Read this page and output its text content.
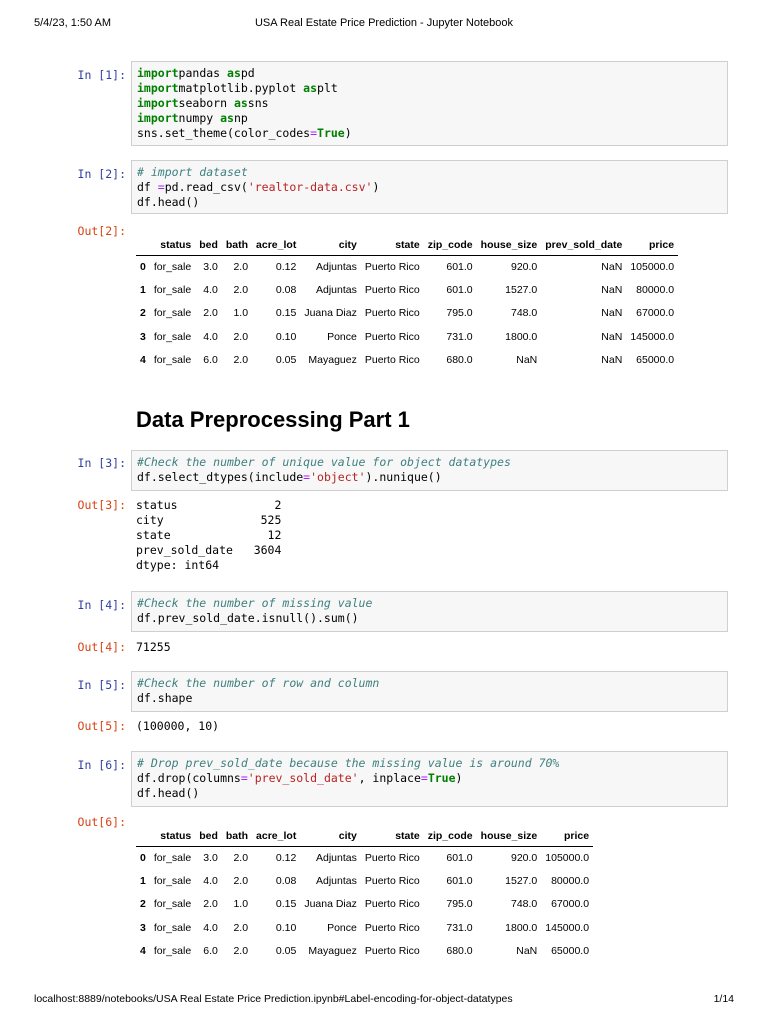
5/4/23, 1:50 AM	USA Real Estate Price Prediction - Jupyter Notebook
In [1]: importpandas aspd
importmatplotlib.pyplot asplt
importseaborn assns
importnumpy asnp
sns.set_theme(color_codes=True)
In [2]: # import dataset
df =pd.read_csv('realtor-data.csv')
df.head()
Out[2]:
	status	bed	bath	acre_lot	city	state	zip_code	house_size	prev_sold_date	price
0	for_sale	3.0	2.0	0.12	Adjuntas	Puerto Rico	601.0	920.0	NaN	105000.0
1	for_sale	4.0	2.0	0.08	Adjuntas	Puerto Rico	601.0	1527.0	NaN	80000.0
2	for_sale	2.0	1.0	0.15	Juana Diaz	Puerto Rico	795.0	748.0	NaN	67000.0
3	for_sale	4.0	2.0	0.10	Ponce	Puerto Rico	731.0	1800.0	NaN	145000.0
4	for_sale	6.0	2.0	0.05	Mayaguez	Puerto Rico	680.0	NaN	NaN	65000.0
Data Preprocessing Part 1
In [3]: #Check the number of unique value for object datatypes
df.select_dtypes(include='object').nunique()
Out[3]: status              2
city              525
state              12
prev_sold_date   3604
dtype: int64
In [4]: #Check the number of missing value
df.prev_sold_date.isnull().sum()
Out[4]: 71255
In [5]: #Check the number of row and column
df.shape
Out[5]: (100000, 10)
In [6]: # Drop prev_sold_date because the missing value is around 70%
df.drop(columns='prev_sold_date', inplace=True)
df.head()
Out[6]:
	status	bed	bath	acre_lot	city	state	zip_code	house_size	price
0	for_sale	3.0	2.0	0.12	Adjuntas	Puerto Rico	601.0	920.0	105000.0
1	for_sale	4.0	2.0	0.08	Adjuntas	Puerto Rico	601.0	1527.0	80000.0
2	for_sale	2.0	1.0	0.15	Juana Diaz	Puerto Rico	795.0	748.0	67000.0
3	for_sale	4.0	2.0	0.10	Ponce	Puerto Rico	731.0	1800.0	145000.0
4	for_sale	6.0	2.0	0.05	Mayaguez	Puerto Rico	680.0	NaN	65000.0
localhost:8889/notebooks/USA Real Estate Price Prediction.ipynb#Label-encoding-for-object-datatypes	1/14
